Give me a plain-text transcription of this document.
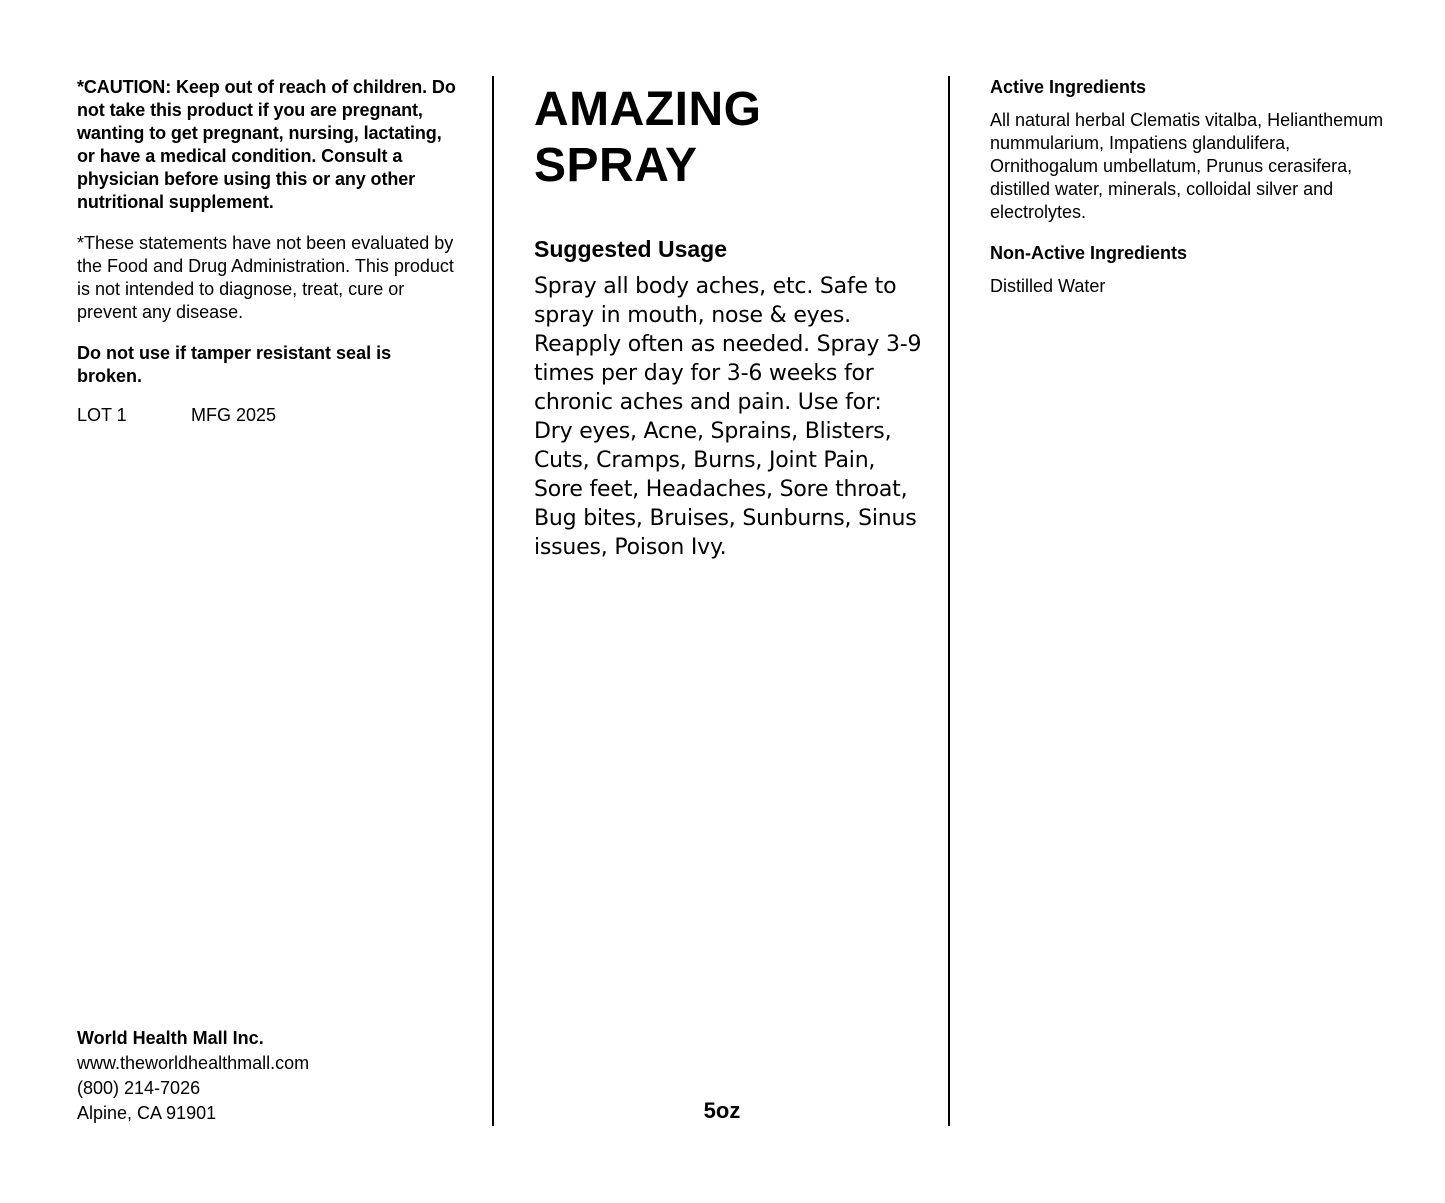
*CAUTION: Keep out of reach of children. Do not take this product if you are pregnant, wanting to get pregnant, nursing, lactating, or have a medical condition. Consult a physician before using this or any other nutritional supplement.

*These statements have not been evaluated by the Food and Drug Administration. This product is not intended to diagnose, treat, cure or prevent any disease.

Do not use if tamper resistant seal is broken.

LOT 1	MFG 2025
World Health Mall Inc.
www.theworldhealthmall.com
(800) 214-7026
Alpine, CA 91901
AMAZING
SPRAY
Suggested Usage

Spray all body aches, etc. Safe to spray in mouth, nose & eyes. Reapply often as needed. Spray 3-9 times per day for 3-6 weeks for chronic aches and pain. Use for: Dry eyes, Acne, Sprains, Blisters, Cuts, Cramps, Burns, Joint Pain, Sore feet, Headaches, Sore throat, Bug bites, Bruises, Sunburns, Sinus issues, Poison Ivy.

5oz
Active Ingredients

All natural herbal Clematis vitalba, Helianthemum nummularium, Impatiens glandulifera, Ornithogalum umbellatum, Prunus cerasifera, distilled water, minerals, colloidal silver and electrolytes.

Non-Active Ingredients

Distilled Water
